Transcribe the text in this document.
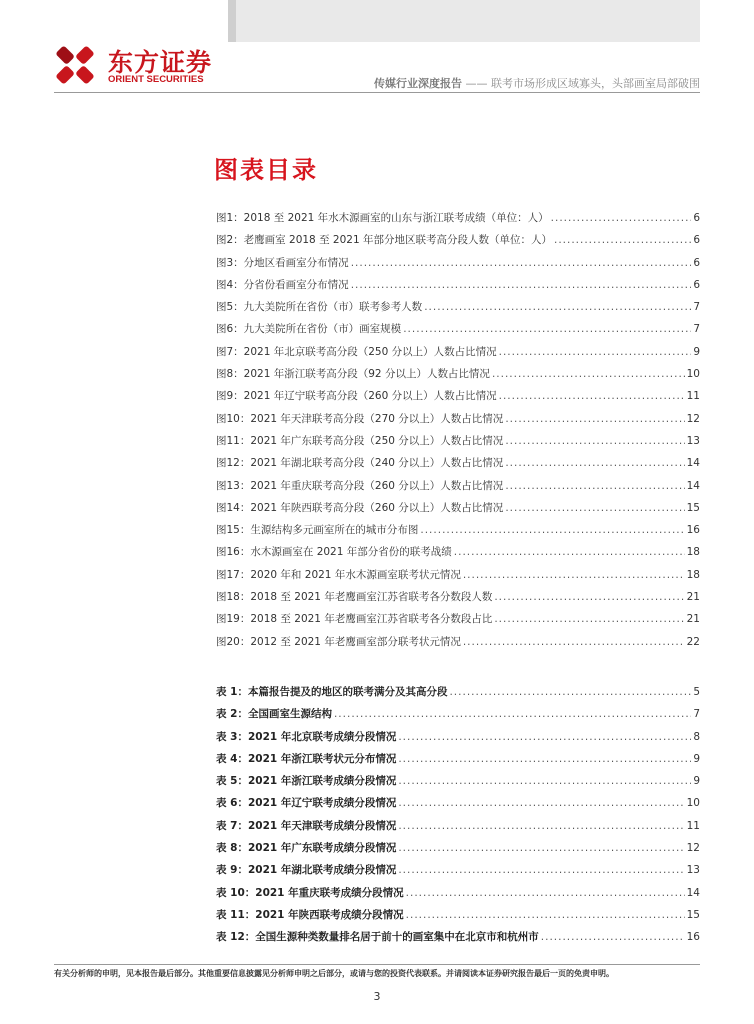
东方证券
ORIENT SECURITIES	传媒行业深度报告 —— 联考市场形成区域寡头，头部画室局部破围
图表目录
图1：2018 至 2021 年水木源画室的山东与浙江联考成绩（单位：人） .....	6
图2：老鹰画室 2018 至 2021 年部分地区联考高分段人数（单位：人） .....	6
图3：分地区看画室分布情况 .....	6
图4：分省份看画室分布情况 .....	6
图5：九大美院所在省份（市）联考参考人数 .....	7
图6：九大美院所在省份（市）画室规模 .....	7
图7：2021 年北京联考高分段（250 分以上）人数占比情况 .....	9
图8：2021 年浙江联考高分段（92 分以上）人数占比情况 .....	10
图9：2021 年辽宁联考高分段（260 分以上）人数占比情况 .....	11
图10：2021 年天津联考高分段（270 分以上）人数占比情况 .....	12
图11：2021 年广东联考高分段（250 分以上）人数占比情况 .....	13
图12：2021 年湖北联考高分段（240 分以上）人数占比情况 .....	14
图13：2021 年重庆联考高分段（260 分以上）人数占比情况 .....	14
图14：2021 年陕西联考高分段（260 分以上）人数占比情况 .....	15
图15：生源结构多元画室所在的城市分布图 .....	16
图16：水木源画室在 2021 年部分省份的联考战绩 .....	18
图17：2020 年和 2021 年水木源画室联考状元情况 .....	18
图18：2018 至 2021 年老鹰画室江苏省联考各分数段人数 .....	21
图19：2018 至 2021 年老鹰画室江苏省联考各分数段占比 .....	21
图20：2012 至 2021 年老鹰画室部分联考状元情况 .....	22
表 1：本篇报告提及的地区的联考满分及其高分段 .....	5
表 2：全国画室生源结构 .....	7
表 3：2021 年北京联考成绩分段情况 .....	8
表 4：2021 年浙江联考状元分布情况 .....	9
表 5：2021 年浙江联考成绩分段情况 .....	9
表 6：2021 年辽宁联考成绩分段情况 .....	10
表 7：2021 年天津联考成绩分段情况 .....	11
表 8：2021 年广东联考成绩分段情况 .....	12
表 9：2021 年湖北联考成绩分段情况 .....	13
表 10：2021 年重庆联考成绩分段情况 .....	14
表 11：2021 年陕西联考成绩分段情况 .....	15
表 12：全国生源种类数量排名居于前十的画室集中在北京市和杭州市 .....	16
有关分析师的申明，见本报告最后部分。其他重要信息披露见分析师申明之后部分，或请与您的投资代表联系。并请阅读本证券研究报告最后一页的免责申明。
3
